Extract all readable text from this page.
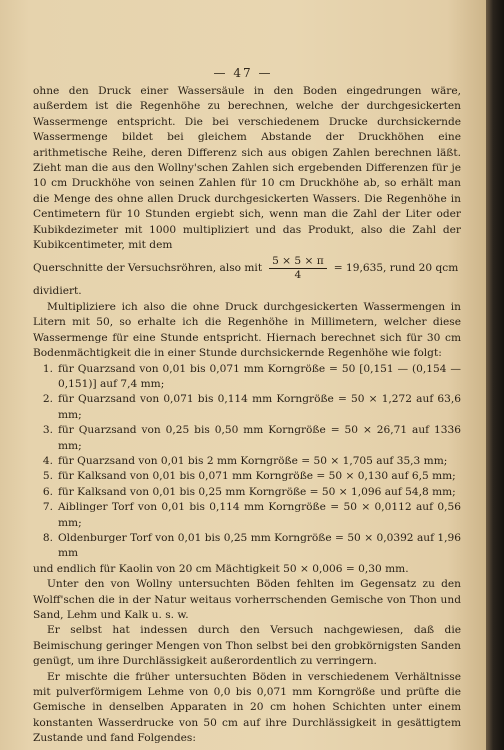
— 47 —

ohne den Druck einer Wassersäule in den Boden eingedrungen wäre, außerdem ist die Regenhöhe zu berechnen, welche der durchgesickerten Wassermenge entspricht. Die bei verschiedenem Drucke durchsickernde Wassermenge bildet bei gleichem Abstande der Druckhöhen eine arithmetische Reihe, deren Differenz sich aus obigen Zahlen berechnen läßt. Zieht man die aus den Wollny'schen Zahlen sich ergebenden Differenzen für je 10 cm Druckhöhe von seinen Zahlen für 10 cm Druckhöhe ab, so erhält man die Menge des ohne allen Druck durchgesickerten Wassers. Die Regenhöhe in Centimetern für 10 Stunden ergiebt sich, wenn man die Zahl der Liter oder Kubikdezimeter mit 1000 multipliziert und das Produkt, also die Zahl der Kubikcentimeter, mit dem

Querschnitte der Versuchsröhren, also mit $\frac{5 \times 5 \times \pi}{4} = 19,635$, rund 20 qcm

dividiert.

Multipliziere ich also die ohne Druck durchgesickerten Wassermengen in Litern mit 50, so erhalte ich die Regenhöhe in Millimetern, welcher diese Wassermenge für eine Stunde entspricht. Hiernach berechnet sich für 30 cm Bodenmächtigkeit die in einer Stunde durchsickernde Regenhöhe wie folgt:

1. für Quarzsand von 0,01 bis 0,071 mm Korngröße = 50 [0,151 — (0,154 — 0,151)] auf 7,4 mm;
2. für Quarzsand von 0,071 bis 0,114 mm Korngröße = 50 × 1,272 auf 63,6 mm;
3. für Quarzsand von 0,25 bis 0,50 mm Korngröße = 50 × 26,71 auf 1336 mm;
4. für Quarzsand von 0,01 bis 2 mm Korngröße = 50 × 1,705 auf 35,3 mm;
5. für Kalksand von 0,01 bis 0,071 mm Korngröße = 50 × 0,130 auf 6,5 mm;
6. für Kalksand von 0,01 bis 0,25 mm Korngröße = 50 × 1,096 auf 54,8 mm;
7. Aiblinger Torf von 0,01 bis 0,114 mm Korngröße = 50 × 0,0112 auf 0,56 mm;
8. Oldenburger Torf von 0,01 bis 0,25 mm Korngröße = 50 × 0,0392 auf 1,96 mm

und endlich für Kaolin von 20 cm Mächtigkeit 50 × 0,006 = 0,30 mm.

Unter den von Wollny untersuchten Böden fehlten im Gegensatz zu den Wolff'schen die in der Natur weitaus vorherrschenden Gemische von Thon und Sand, Lehm und Kalk u. s. w.

Er selbst hat indessen durch den Versuch nachgewiesen, daß die Beimischung geringer Mengen von Thon selbst bei den grobkörnigsten Sanden genügt, um ihre Durchlässigkeit außerordentlich zu verringern.

Er mischte die früher untersuchten Böden in verschiedenem Verhältnisse mit pulverförmigem Lehme von 0,0 bis 0,071 mm Korngröße und prüfte die Gemische in denselben Apparaten in 20 cm hohen Schichten unter einem konstanten Wasserdrucke von 50 cm auf ihre Durchlässigkeit in gesättigtem Zustande und fand Folgendes:
